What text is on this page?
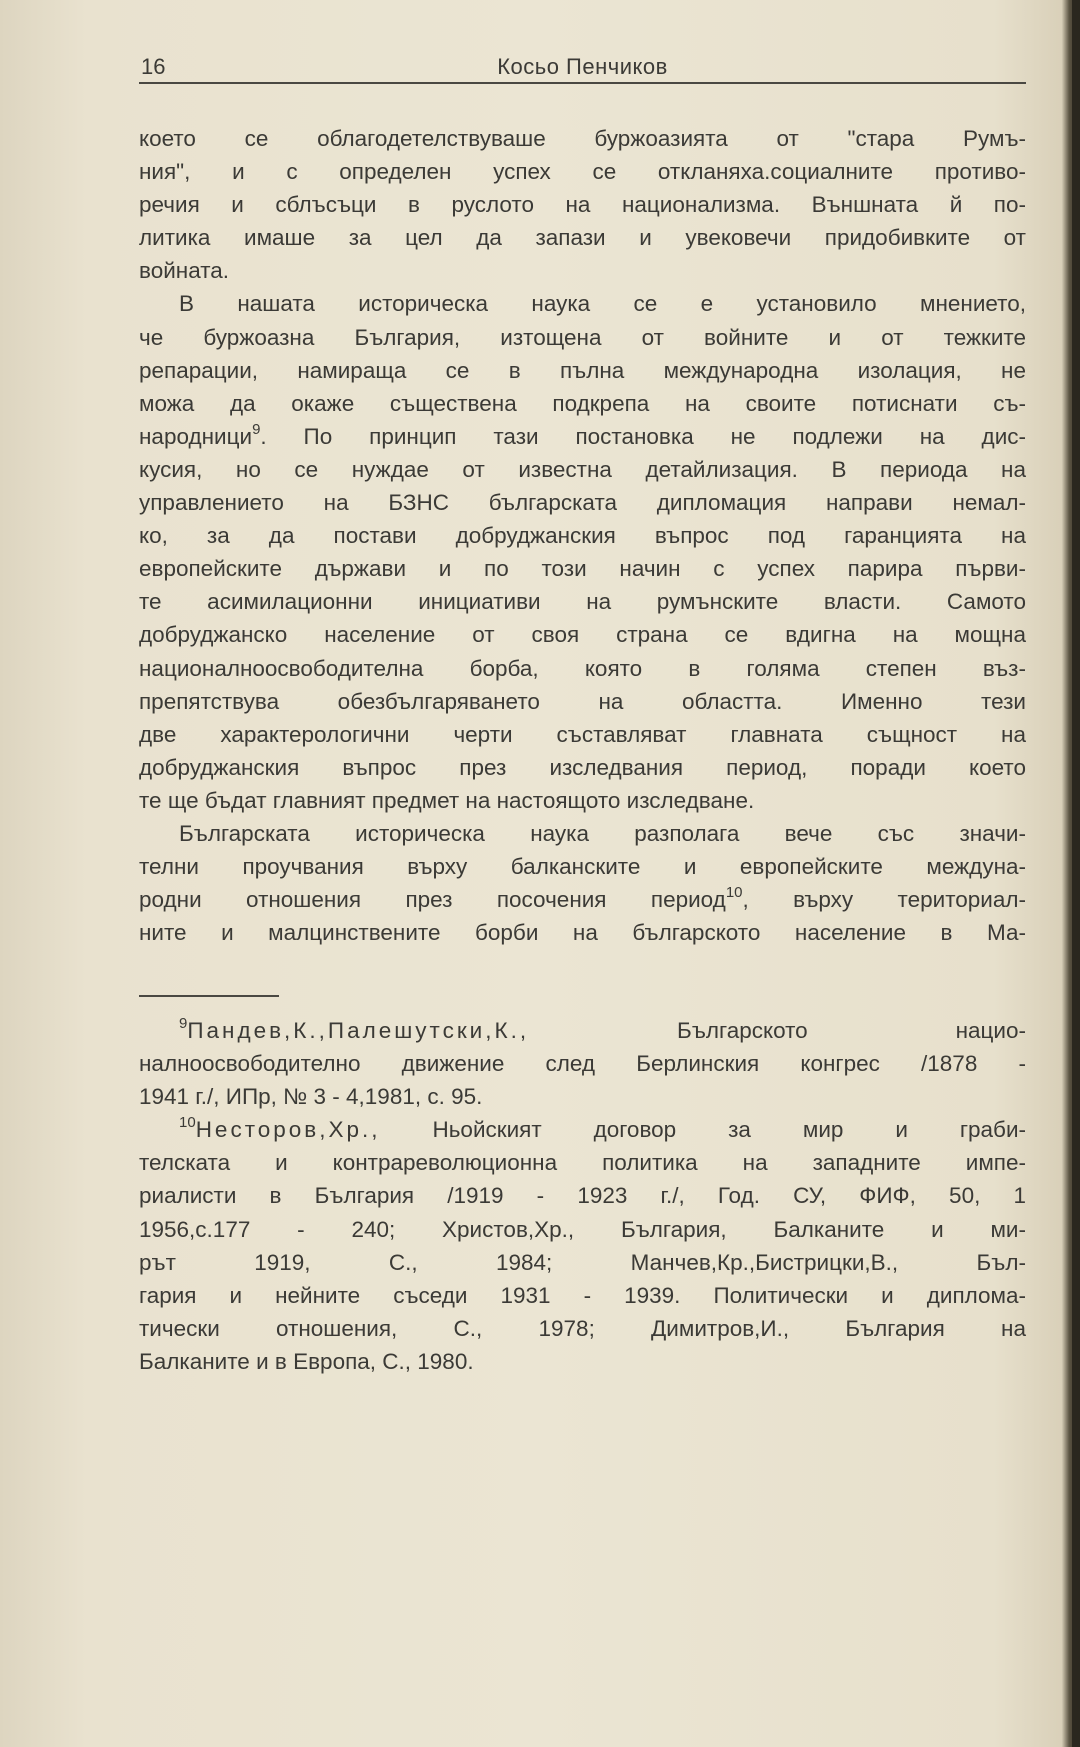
16	Косьо Пенчиков
което се облагодетелствуваше буржоазията от "стара Румъ-
ния", и с определен успех се откланяха.социалните противо-
речия и сблъсъци в руслото на национализма. Външната й по-
литика имаше за цел да запази и увековечи придобивките от
войната.
В нашата историческа наука се е установило мнението,
че буржоазна България, изтощена от войните и от тежките
репарации, намираща се в пълна международна изолация, не
можа да окаже съществена подкрепа на своите потиснати съ-
народници$^9$. По принцип тази постановка не подлежи на дис-
кусия, но се нуждае от известна детайлизация. В периода на
управлението на БЗНС българската дипломация направи немал-
ко, за да постави добруджанския въпрос под гаранцията на
европейските държави и по този начин с успех парира първи-
те асимилационни инициативи на румънските власти. Самото
добруджанско население от своя страна се вдигна на мощна
националноосвободителна борба, която в голяма степен въз-
препятствува обезбългаряването на областта. Именно тези
две характерологични черти съставляват главната същност на
добруджанския въпрос през изследвания период, поради което
те ще бъдат главният предмет на настоящото изследване.
Българската историческа наука разполага вече със значи-
телни проучвания върху балканските и европейските междуна-
родни отношения през посочения период$^{10}$, върху териториал-
ните и малцинствените борби на българското население в Ма-
$^9$Пандев,К.,Палешутски,К., Българското нацио-
налноосвободително движение след Берлинския конгрес /1878 -
1941 г./, ИПр, № 3 - 4,1981, с. 95.
$^{10}$Несторов,Хр., Ньойският договор за мир и граби-
телската и контрареволюционна политика на западните импе-
риалисти в България /1919 - 1923 г./, Год. СУ, ФИФ, 50, 1
1956,с.177 - 240; Христов,Хр., България, Балканите и ми-
рът 1919, С., 1984; Манчев,Кр.,Бистрицки,В., Бъл-
гария и нейните съседи 1931 - 1939. Политически и диплома-
тически отношения, С., 1978; Димитров,И., България на
Балканите и в Европа, С., 1980.
